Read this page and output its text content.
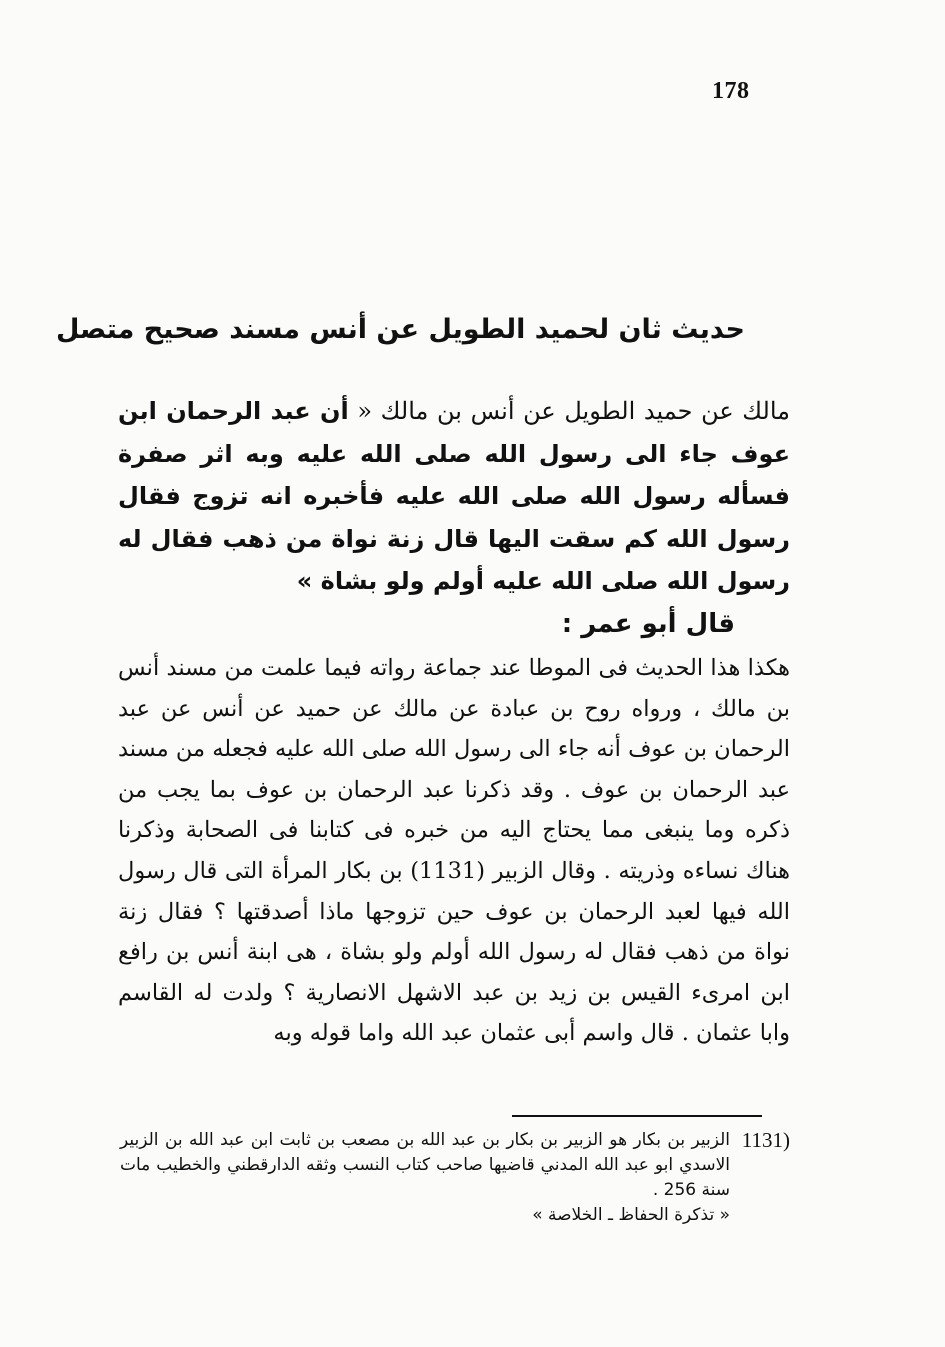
178
حديث ثان لحميد الطويل عن أنس مسند صحيح متصل
مالك عن حميد الطويل عن أنس بن مالك « أن عبد الرحمان ابن عوف جاء الى رسول الله صلى الله عليه وبه اثر صفرة فسأله رسول الله صلى الله عليه فأخبره انه تزوج فقال رسول الله كم سقت اليها قال زنة نواة من ذهب فقال له رسول الله صلى الله عليه أولم ولو بشاة »
قال أبو عمر :
هكذا هذا الحديث فى الموطا عند جماعة رواته فيما علمت من مسند أنس بن مالك ، ورواه روح بن عبادة عن مالك عن حميد عن أنس عن عبد الرحمان بن عوف أنه جاء الى رسول الله صلى الله عليه فجعله من مسند عبد الرحمان بن عوف . وقد ذكرنا عبد الرحمان بن عوف بما يجب من ذكره وما ينبغى مما يحتاج اليه من خبره فى كتابنا فى الصحابة وذكرنا هناك نساءه وذريته . وقال الزبير (1131) بن بكار المرأة التى قال رسول الله فيها لعبد الرحمان بن عوف حين تزوجها ماذا أصدقتها ؟ فقال زنة نواة من ذهب فقال له رسول الله أولم ولو بشاة ، هى ابنة أنس بن رافع ابن امرىء القيس بن زيد بن عبد الاشهل الانصارية ؟ ولدت له القاسم وابا عثمان . قال واسم أبى عثمان عبد الله واما قوله وبه
1131)
الزبير بن بكار هو الزبير بن بكار بن عبد الله بن مصعب بن ثابت ابن عبد الله بن الزبير الاسدي ابو عبد الله المدني قاضيها صاحب كتاب النسب وثقه الدارقطني والخطيب مات سنة 256 .
« تذكرة الحفاظ ـ الخلاصة »
